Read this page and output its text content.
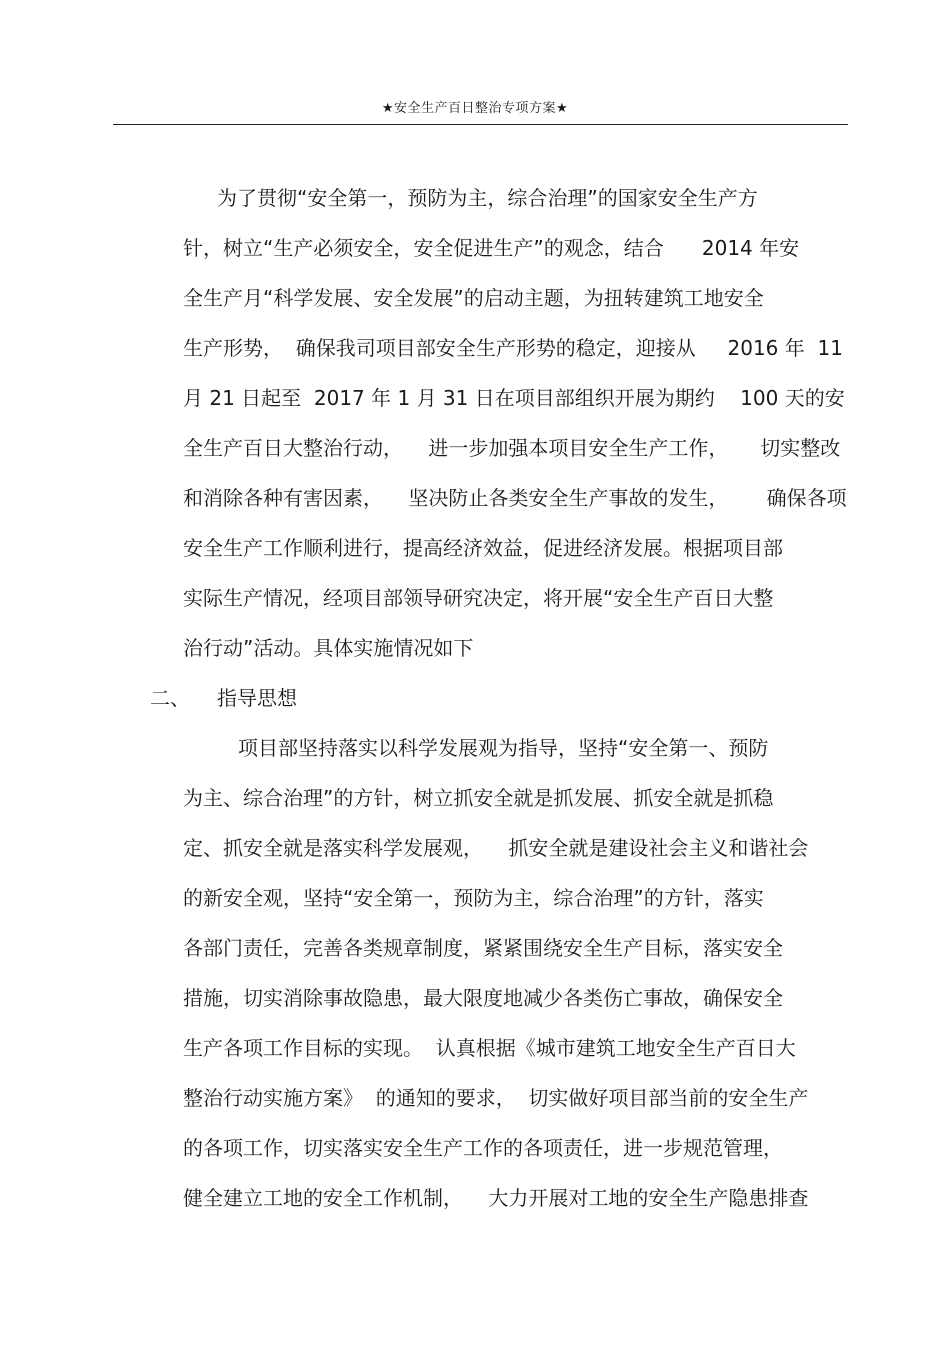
★安全生产百日整治专项方案★
为了贯彻“安全第一，预防为主，综合治理”的国家安全生产方
针，树立“生产必须安全，安全促进生产”的观念，结合      2014 年安
全生产月“科学发展、安全发展”的启动主题，为扭转建筑工地安全
生产形势，  确保我司项目部安全生产形势的稳定，迎接从     2016 年  11
月 21 日起至  2017 年 1 月 31 日在项目部组织开展为期约    100 天的安
全生产百日大整治行动，    进一步加强本项目安全生产工作，     切实整改
和消除各种有害因素，    坚决防止各类安全生产事故的发生，      确保各项
安全生产工作顺利进行，提高经济效益，促进经济发展。根据项目部
实际生产情况，经项目部领导研究决定，将开展“安全生产百日大整
治行动”活动。具体实施情况如下
二、 指导思想
项目部坚持落实以科学发展观为指导，坚持“安全第一、预防
为主、综合治理”的方针，树立抓安全就是抓发展、抓安全就是抓稳
定、抓安全就是落实科学发展观，    抓安全就是建设社会主义和谐社会
的新安全观，坚持“安全第一，预防为主，综合治理”的方针，落实
各部门责任，完善各类规章制度，紧紧围绕安全生产目标，落实安全
措施，切实消除事故隐患，最大限度地减少各类伤亡事故，确保安全
生产各项工作目标的实现。  认真根据《城市建筑工地安全生产百日大
整治行动实施方案》  的通知的要求，  切实做好项目部当前的安全生产
的各项工作，切实落实安全生产工作的各项责任，进一步规范管理，
健全建立工地的安全工作机制，    大力开展对工地的安全生产隐患排查
